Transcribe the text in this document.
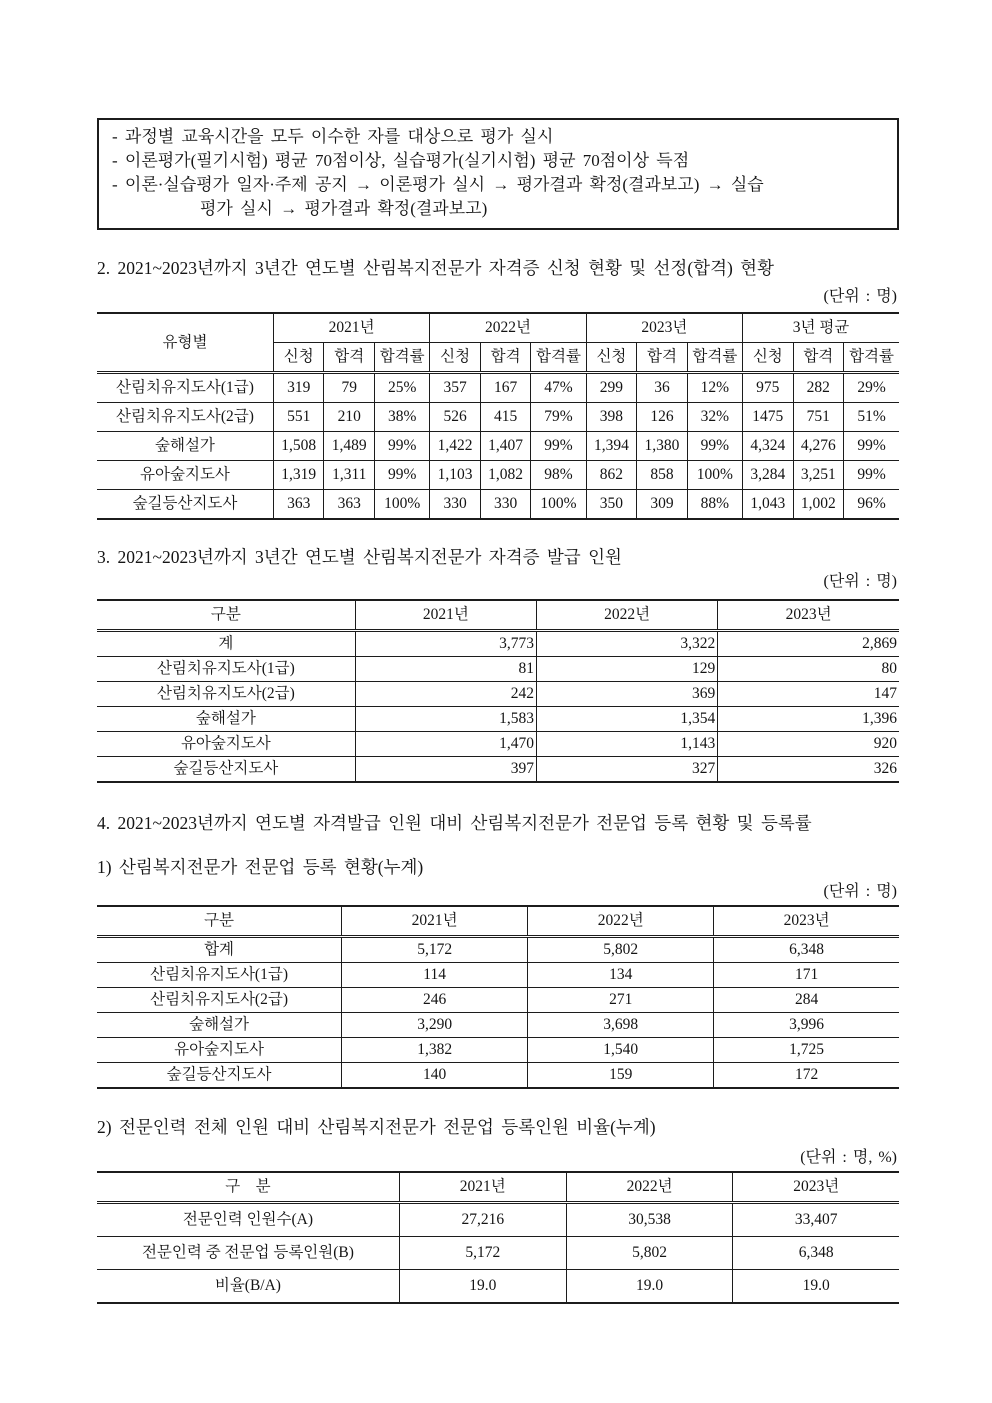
- 과정별 교육시간을 모두 이수한 자를 대상으로 평가 실시
- 이론평가(필기시험) 평균 70점이상, 실습평가(실기시험) 평균 70점이상 득점
- 이론·실습평가 일자·주제 공지 → 이론평가 실시 → 평가결과 확정(결과보고) → 실습
평가 실시 → 평가결과 확정(결과보고)
2. 2021~2023년까지 3년간 연도별 산림복지전문가 자격증 신청 현황 및 선정(합격) 현황
(단위 : 명)
유형별	2021년			2022년			2023년			3년 평균		
	신청	합격	합격률	신청	합격	합격률	신청	합격	합격률	신청	합격	합격률
산림치유지도사(1급)	319	79	25%	357	167	47%	299	36	12%	975	282	29%
산림치유지도사(2급)	551	210	38%	526	415	79%	398	126	32%	1475	751	51%
숲해설가	1,508	1,489	99%	1,422	1,407	99%	1,394	1,380	99%	4,324	4,276	99%
유아숲지도사	1,319	1,311	99%	1,103	1,082	98%	862	858	100%	3,284	3,251	99%
숲길등산지도사	363	363	100%	330	330	100%	350	309	88%	1,043	1,002	96%
3. 2021~2023년까지 3년간 연도별 산림복지전문가 자격증 발급 인원
(단위 : 명)
구분	2021년	2022년	2023년
계	3,773	3,322	2,869
산림치유지도사(1급)	81	129	80
산림치유지도사(2급)	242	369	147
숲해설가	1,583	1,354	1,396
유아숲지도사	1,470	1,143	920
숲길등산지도사	397	327	326
4. 2021~2023년까지 연도별 자격발급 인원 대비 산림복지전문가 전문업 등록 현황 및 등록률
1) 산림복지전문가 전문업 등록 현황(누계)
(단위 : 명)
구분	2021년	2022년	2023년
합계	5,172	5,802	6,348
산림치유지도사(1급)	114	134	171
산림치유지도사(2급)	246	271	284
숲해설가	3,290	3,698	3,996
유아숲지도사	1,382	1,540	1,725
숲길등산지도사	140	159	172
2) 전문인력 전체 인원 대비 산림복지전문가 전문업 등록인원 비율(누계)
(단위 : 명, %)
구    분	2021년	2022년	2023년
전문인력 인원수(A)	27,216	30,538	33,407
전문인력 중 전문업 등록인원(B)	5,172	5,802	6,348
비율(B/A)	19.0	19.0	19.0
